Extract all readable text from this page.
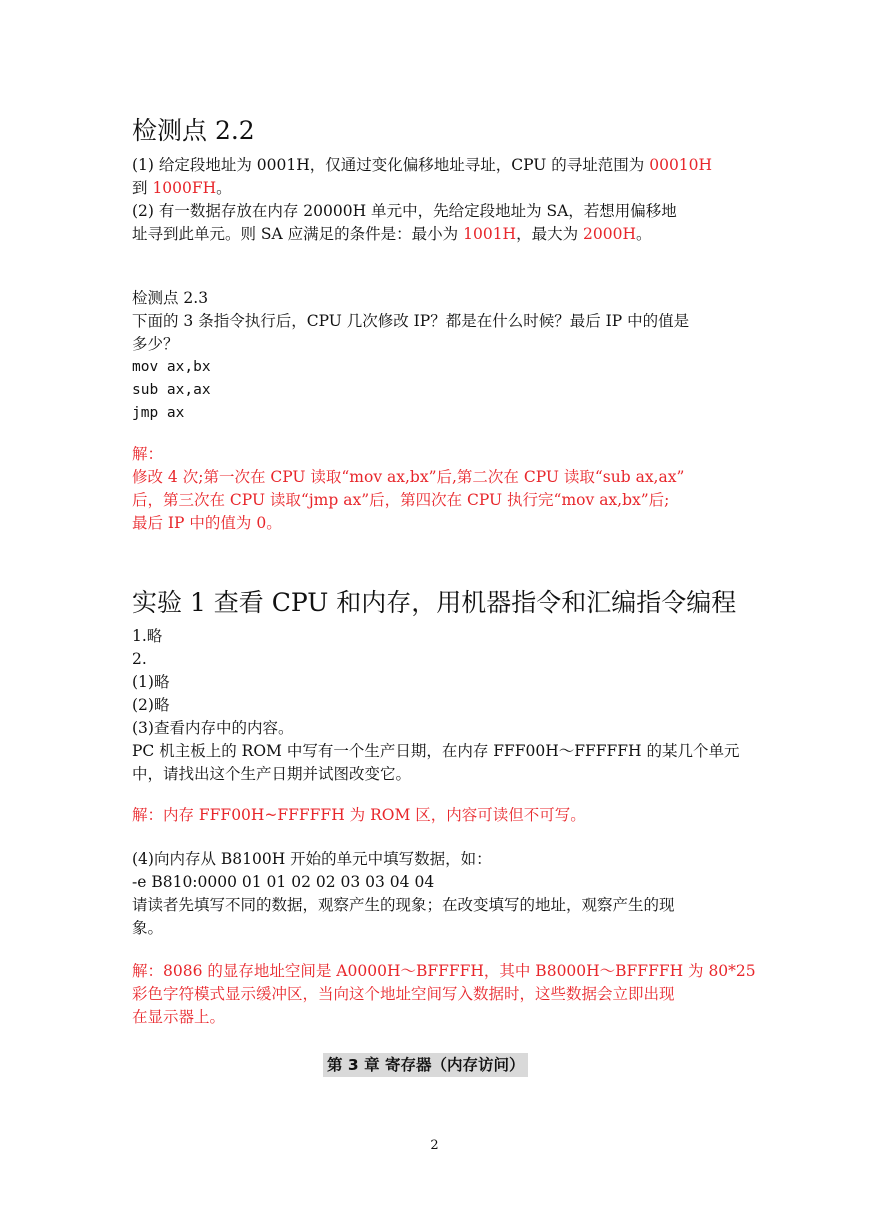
检测点 2.2
(1) 给定段地址为 0001H，仅通过变化偏移地址寻址，CPU 的寻址范围为 00010H
到 1000FH。
(2) 有一数据存放在内存 20000H 单元中，先给定段地址为 SA，若想用偏移地
址寻到此单元。则 SA 应满足的条件是：最小为 1001H，最大为 2000H。
检测点 2.3
下面的 3 条指令执行后，CPU 几次修改 IP？都是在什么时候？最后 IP 中的值是
多少？
mov ax,bx
sub ax,ax
jmp ax
解：
修改 4 次;第一次在 CPU 读取“mov ax,bx”后,第二次在 CPU 读取“sub ax,ax”
后，第三次在 CPU 读取“jmp ax”后，第四次在 CPU 执行完“mov ax,bx”后;
最后 IP 中的值为 0。
实验 1 查看 CPU 和内存，用机器指令和汇编指令编程
1.略
2.
(1)略
(2)略
(3)查看内存中的内容。
PC 机主板上的 ROM 中写有一个生产日期，在内存 FFF00H～FFFFFH 的某几个单元
中，请找出这个生产日期并试图改变它。
解：内存 FFF00H~FFFFFH 为 ROM 区，内容可读但不可写。
(4)向内存从 B8100H 开始的单元中填写数据，如：
-e B810:0000 01 01 02 02 03 03 04 04
请读者先填写不同的数据，观察产生的现象；在改变填写的地址，观察产生的现
象。
解：8086 的显存地址空间是 A0000H～BFFFFH，其中 B8000H～BFFFFH 为 80*25
彩色字符模式显示缓冲区，当向这个地址空间写入数据时，这些数据会立即出现
在显示器上。
第 3 章 寄存器（内存访问）
2
